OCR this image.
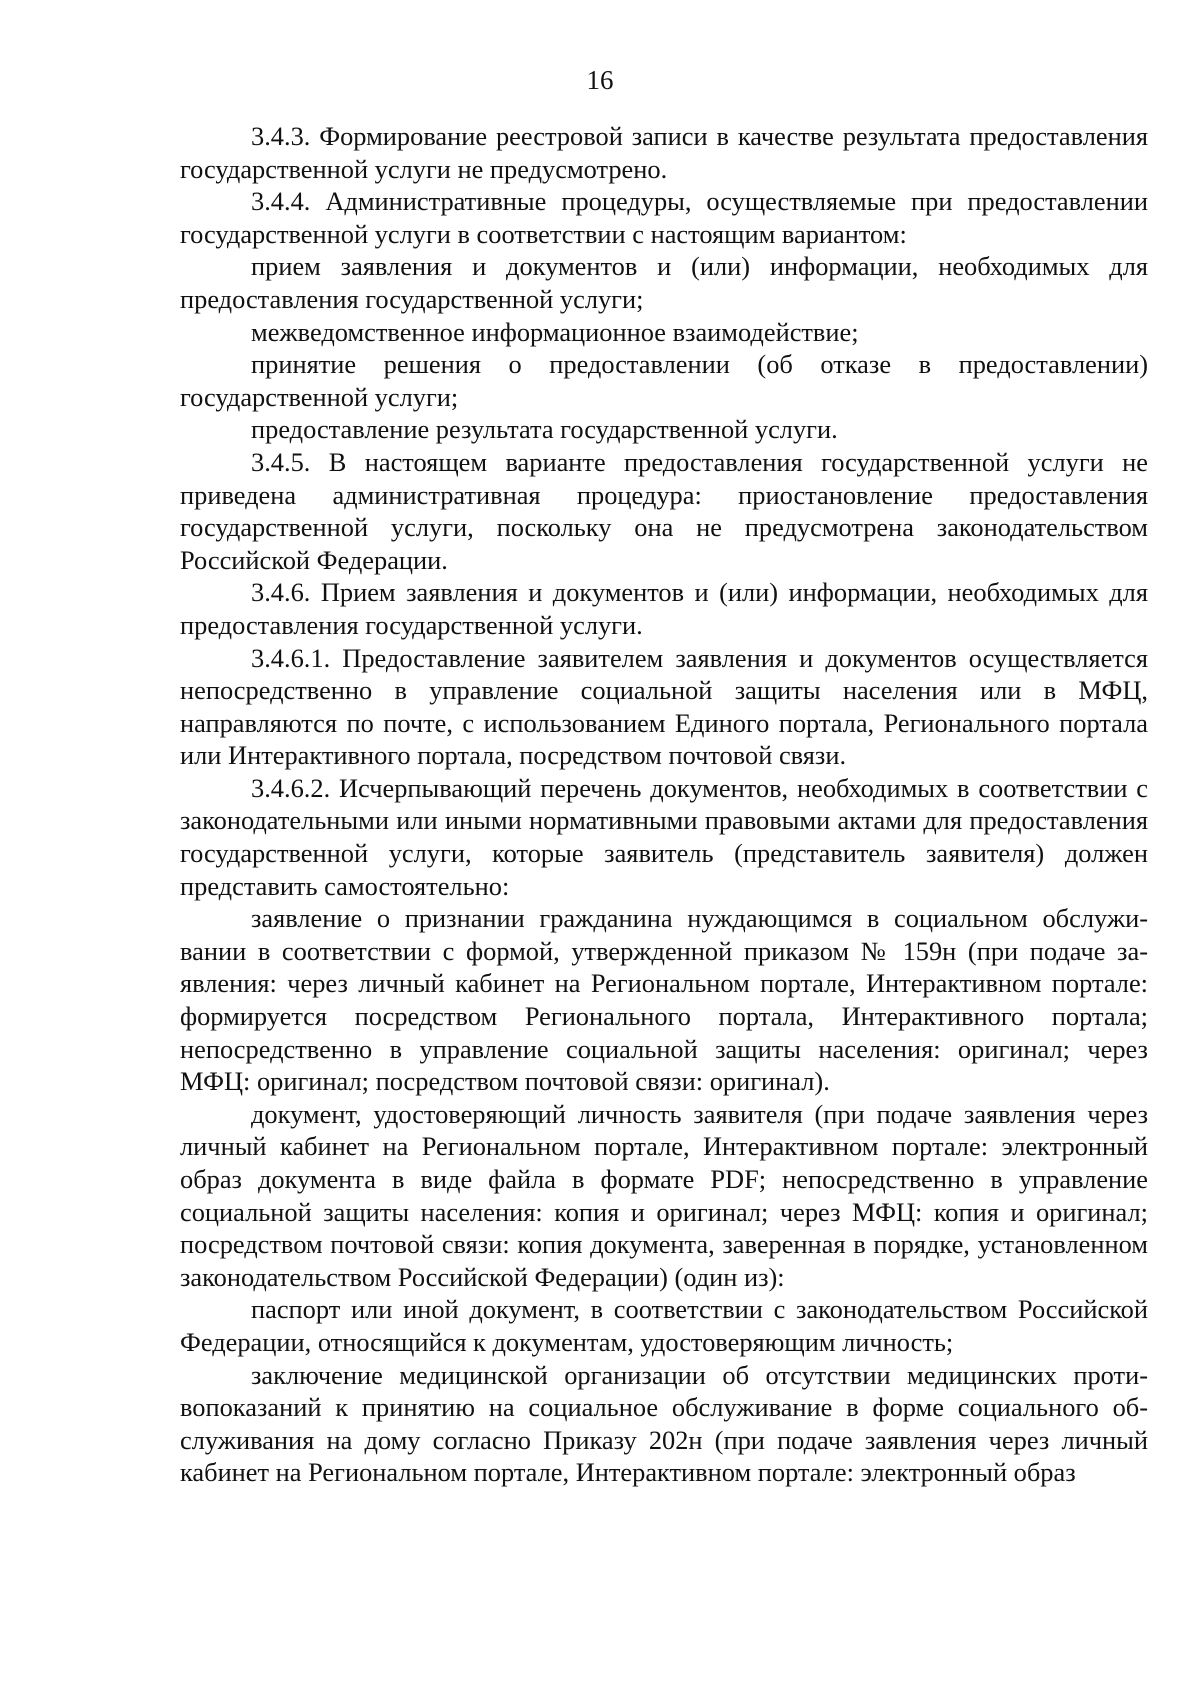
16

3.4.3. Формирование реестровой записи в качестве результата предоставления государственной услуги не предусмотрено.

3.4.4. Административные процедуры, осуществляемые при предоставлении государственной услуги в соответствии с настоящим вариантом:

прием заявления и документов и (или) информации, необходимых для предоставления государственной услуги;

межведомственное информационное взаимодействие;

принятие решения о предоставлении (об отказе в предоставлении) государственной услуги;

предоставление результата государственной услуги.

3.4.5. В настоящем варианте предоставления государственной услуги не приведена административная процедура: приостановление предоставления государственной услуги, поскольку она не предусмотрена законодательством Российской Федерации.

3.4.6. Прием заявления и документов и (или) информации, необходимых для предоставления государственной услуги.

3.4.6.1. Предоставление заявителем заявления и документов осуществляется непосредственно в управление социальной защиты населения или в МФЦ, направляются по почте, с использованием Единого портала, Регионального портала или Интерактивного портала, посредством почтовой связи.

3.4.6.2. Исчерпывающий перечень документов, необходимых в соответствии с законодательными или иными нормативными правовыми актами для предоставления государственной услуги, которые заявитель (представитель заявителя) должен представить самостоятельно:

заявление о признании гражданина нуждающимся в социальном обслуживании в соответствии с формой, утвержденной приказом № 159н (при подаче заявления: через личный кабинет на Региональном портале, Интерактивном портале: формируется посредством Регионального портала, Интерактивного портала; непосредственно в управление социальной защиты населения: оригинал; через МФЦ: оригинал; посредством почтовой связи: оригинал).

документ, удостоверяющий личность заявителя (при подаче заявления через личный кабинет на Региональном портале, Интерактивном портале: электронный образ документа в виде файла в формате PDF; непосредственно в управление социальной защиты населения: копия и оригинал; через МФЦ: копия и оригинал; посредством почтовой связи: копия документа, заверенная в порядке, установленном законодательством Российской Федерации) (один из):

паспорт или иной документ, в соответствии с законодательством Российской Федерации, относящийся к документам, удостоверяющим личность;

заключение медицинской организации об отсутствии медицинских противопоказаний к принятию на социальное обслуживание в форме социального обслуживания на дому согласно Приказу 202н (при подаче заявления через личный кабинет на Региональном портале, Интерактивном портале: электронный образ
